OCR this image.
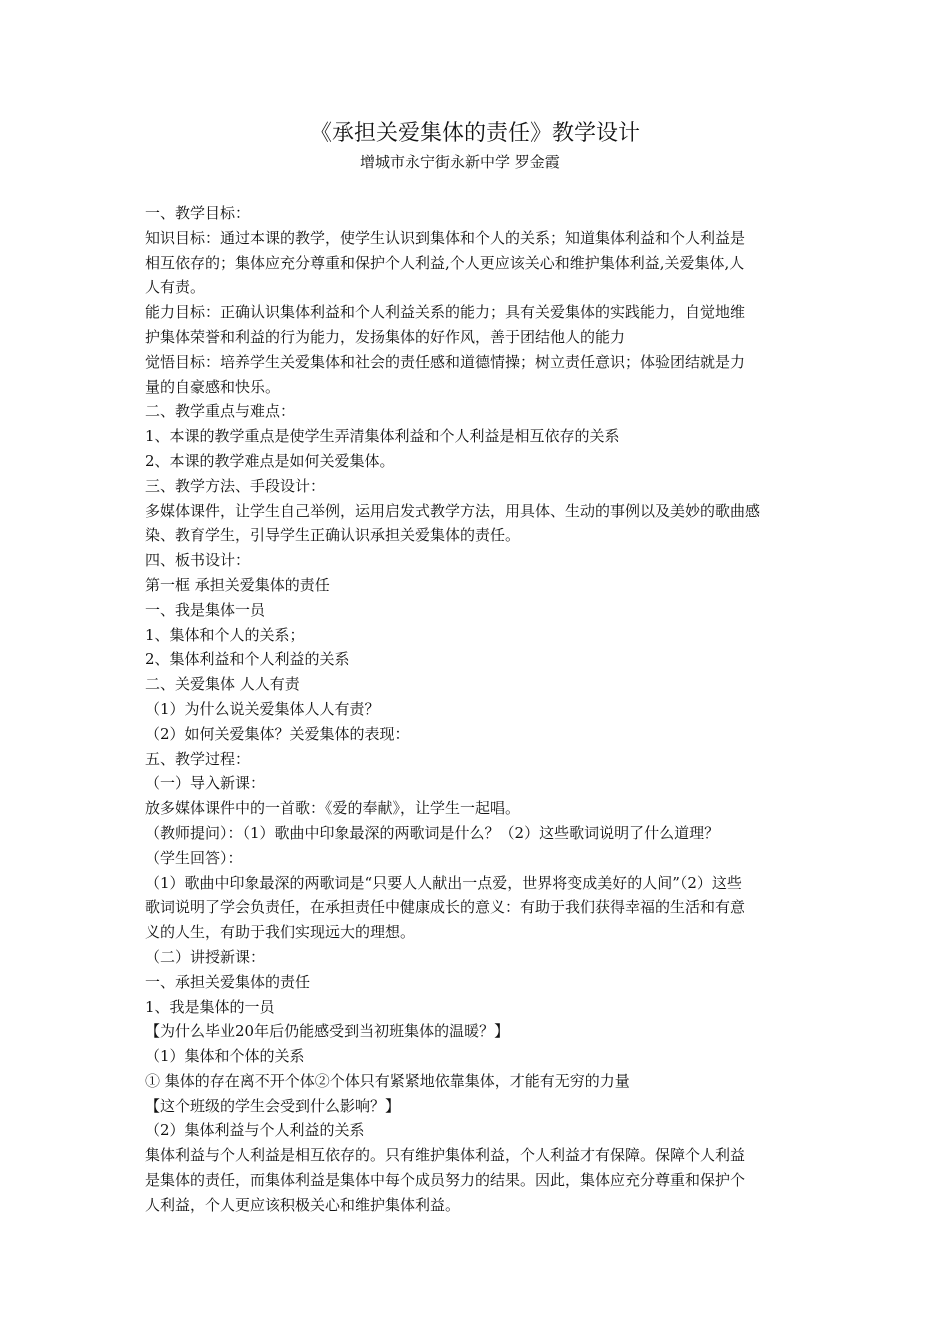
《承担关爱集体的责任》教学设计
增城市永宁街永新中学 罗金霞
一、教学目标：
知识目标：通过本课的教学，使学生认识到集体和个人的关系；知道集体利益和个人利益是
相互依存的；集体应充分尊重和保护个人利益,个人更应该关心和维护集体利益,关爱集体,人
人有责。
能力目标：正确认识集体利益和个人利益关系的能力；具有关爱集体的实践能力，自觉地维
护集体荣誉和利益的行为能力，发扬集体的好作风，善于团结他人的能力
觉悟目标：培养学生关爱集体和社会的责任感和道德情操；树立责任意识；体验团结就是力
量的自豪感和快乐。
二、教学重点与难点：
1、本课的教学重点是使学生弄清集体利益和个人利益是相互依存的关系
2、本课的教学难点是如何关爱集体。
三、教学方法、手段设计：
多媒体课件，让学生自己举例，运用启发式教学方法，用具体、生动的事例以及美妙的歌曲感
染、教育学生，引导学生正确认识承担关爱集体的责任。
四、板书设计：
第一框 承担关爱集体的责任
一、我是集体一员
1、集体和个人的关系；
2、集体利益和个人利益的关系
二、关爱集体 人人有责
（1）为什么说关爱集体人人有责？
（2）如何关爱集体？关爱集体的表现：
五、教学过程：
（一）导入新课：
放多媒体课件中的一首歌：《爱的奉献》，让学生一起唱。
（教师提问）：（1）歌曲中印象最深的两歌词是什么？（2）这些歌词说明了什么道理？
（学生回答）：
（1）歌曲中印象最深的两歌词是“只要人人献出一点爱，世界将变成美好的人间”（2）这些
歌词说明了学会负责任，在承担责任中健康成长的意义：有助于我们获得幸福的生活和有意
义的人生，有助于我们实现远大的理想。
（二）讲授新课：
一、承担关爱集体的责任
1、我是集体的一员
【为什么毕业20年后仍能感受到当初班集体的温暖？】
（1）集体和个体的关系
① 集体的存在离不开个体②个体只有紧紧地依靠集体，才能有无穷的力量
【这个班级的学生会受到什么影响？】
（2）集体利益与个人利益的关系
集体利益与个人利益是相互依存的。只有维护集体利益，个人利益才有保障。保障个人利益
是集体的责任，而集体利益是集体中每个成员努力的结果。因此，集体应充分尊重和保护个
人利益，个人更应该积极关心和维护集体利益。
